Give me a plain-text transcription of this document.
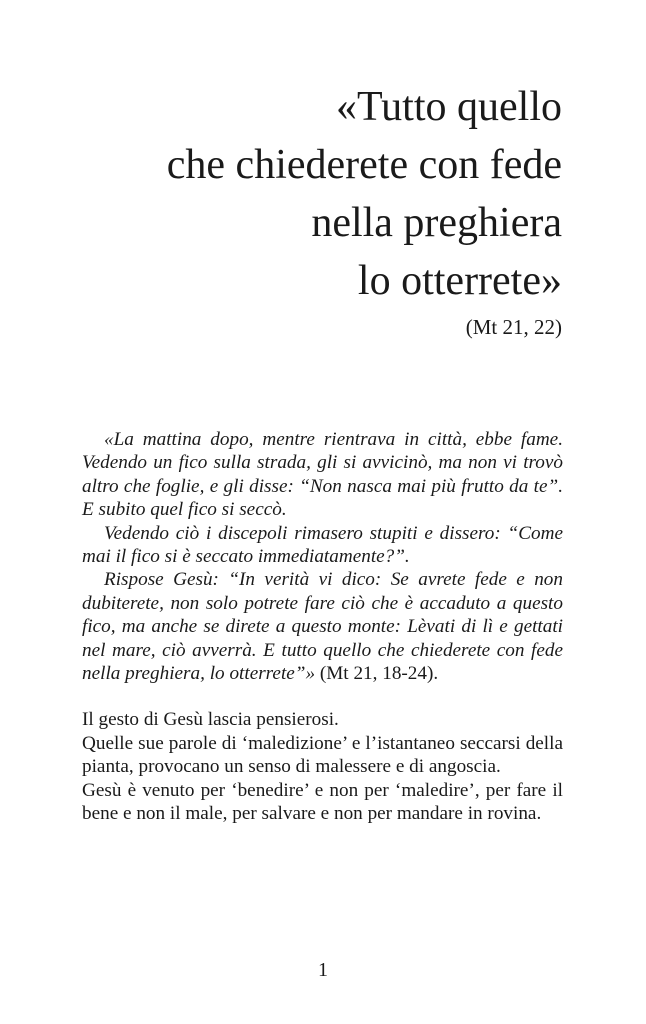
«Tutto quello
che chiederete con fede
nella preghiera
lo otterrete»
(Mt 21, 22)

«La mattina dopo, mentre rientrava in città, ebbe fame. Vedendo un fico sulla strada, gli si avvicinò, ma non vi trovò altro che foglie, e gli disse: “Non nasca mai più frutto da te”. E subito quel fico si seccò.

Vedendo ciò i discepoli rimasero stupiti e dissero: “Come mai il fico si è seccato immediatamente?”.

Rispose Gesù: “In verità vi dico: Se avrete fede e non dubiterete, non solo potrete fare ciò che è accaduto a questo fico, ma anche se direte a questo monte: Lèvati di lì e gettati nel mare, ciò avverrà. E tutto quello che chiederete con fede nella preghiera, lo otterrete”» (Mt 21, 18-24).

Il gesto di Gesù lascia pensierosi.

Quelle sue parole di ‘maledizione’ e l’istantaneo seccarsi della pianta, provocano un senso di malessere e di angoscia.

Gesù è venuto per ‘benedire’ e non per ‘maledire’, per fare il bene e non il male, per salvare e non per mandare in rovina.

1
